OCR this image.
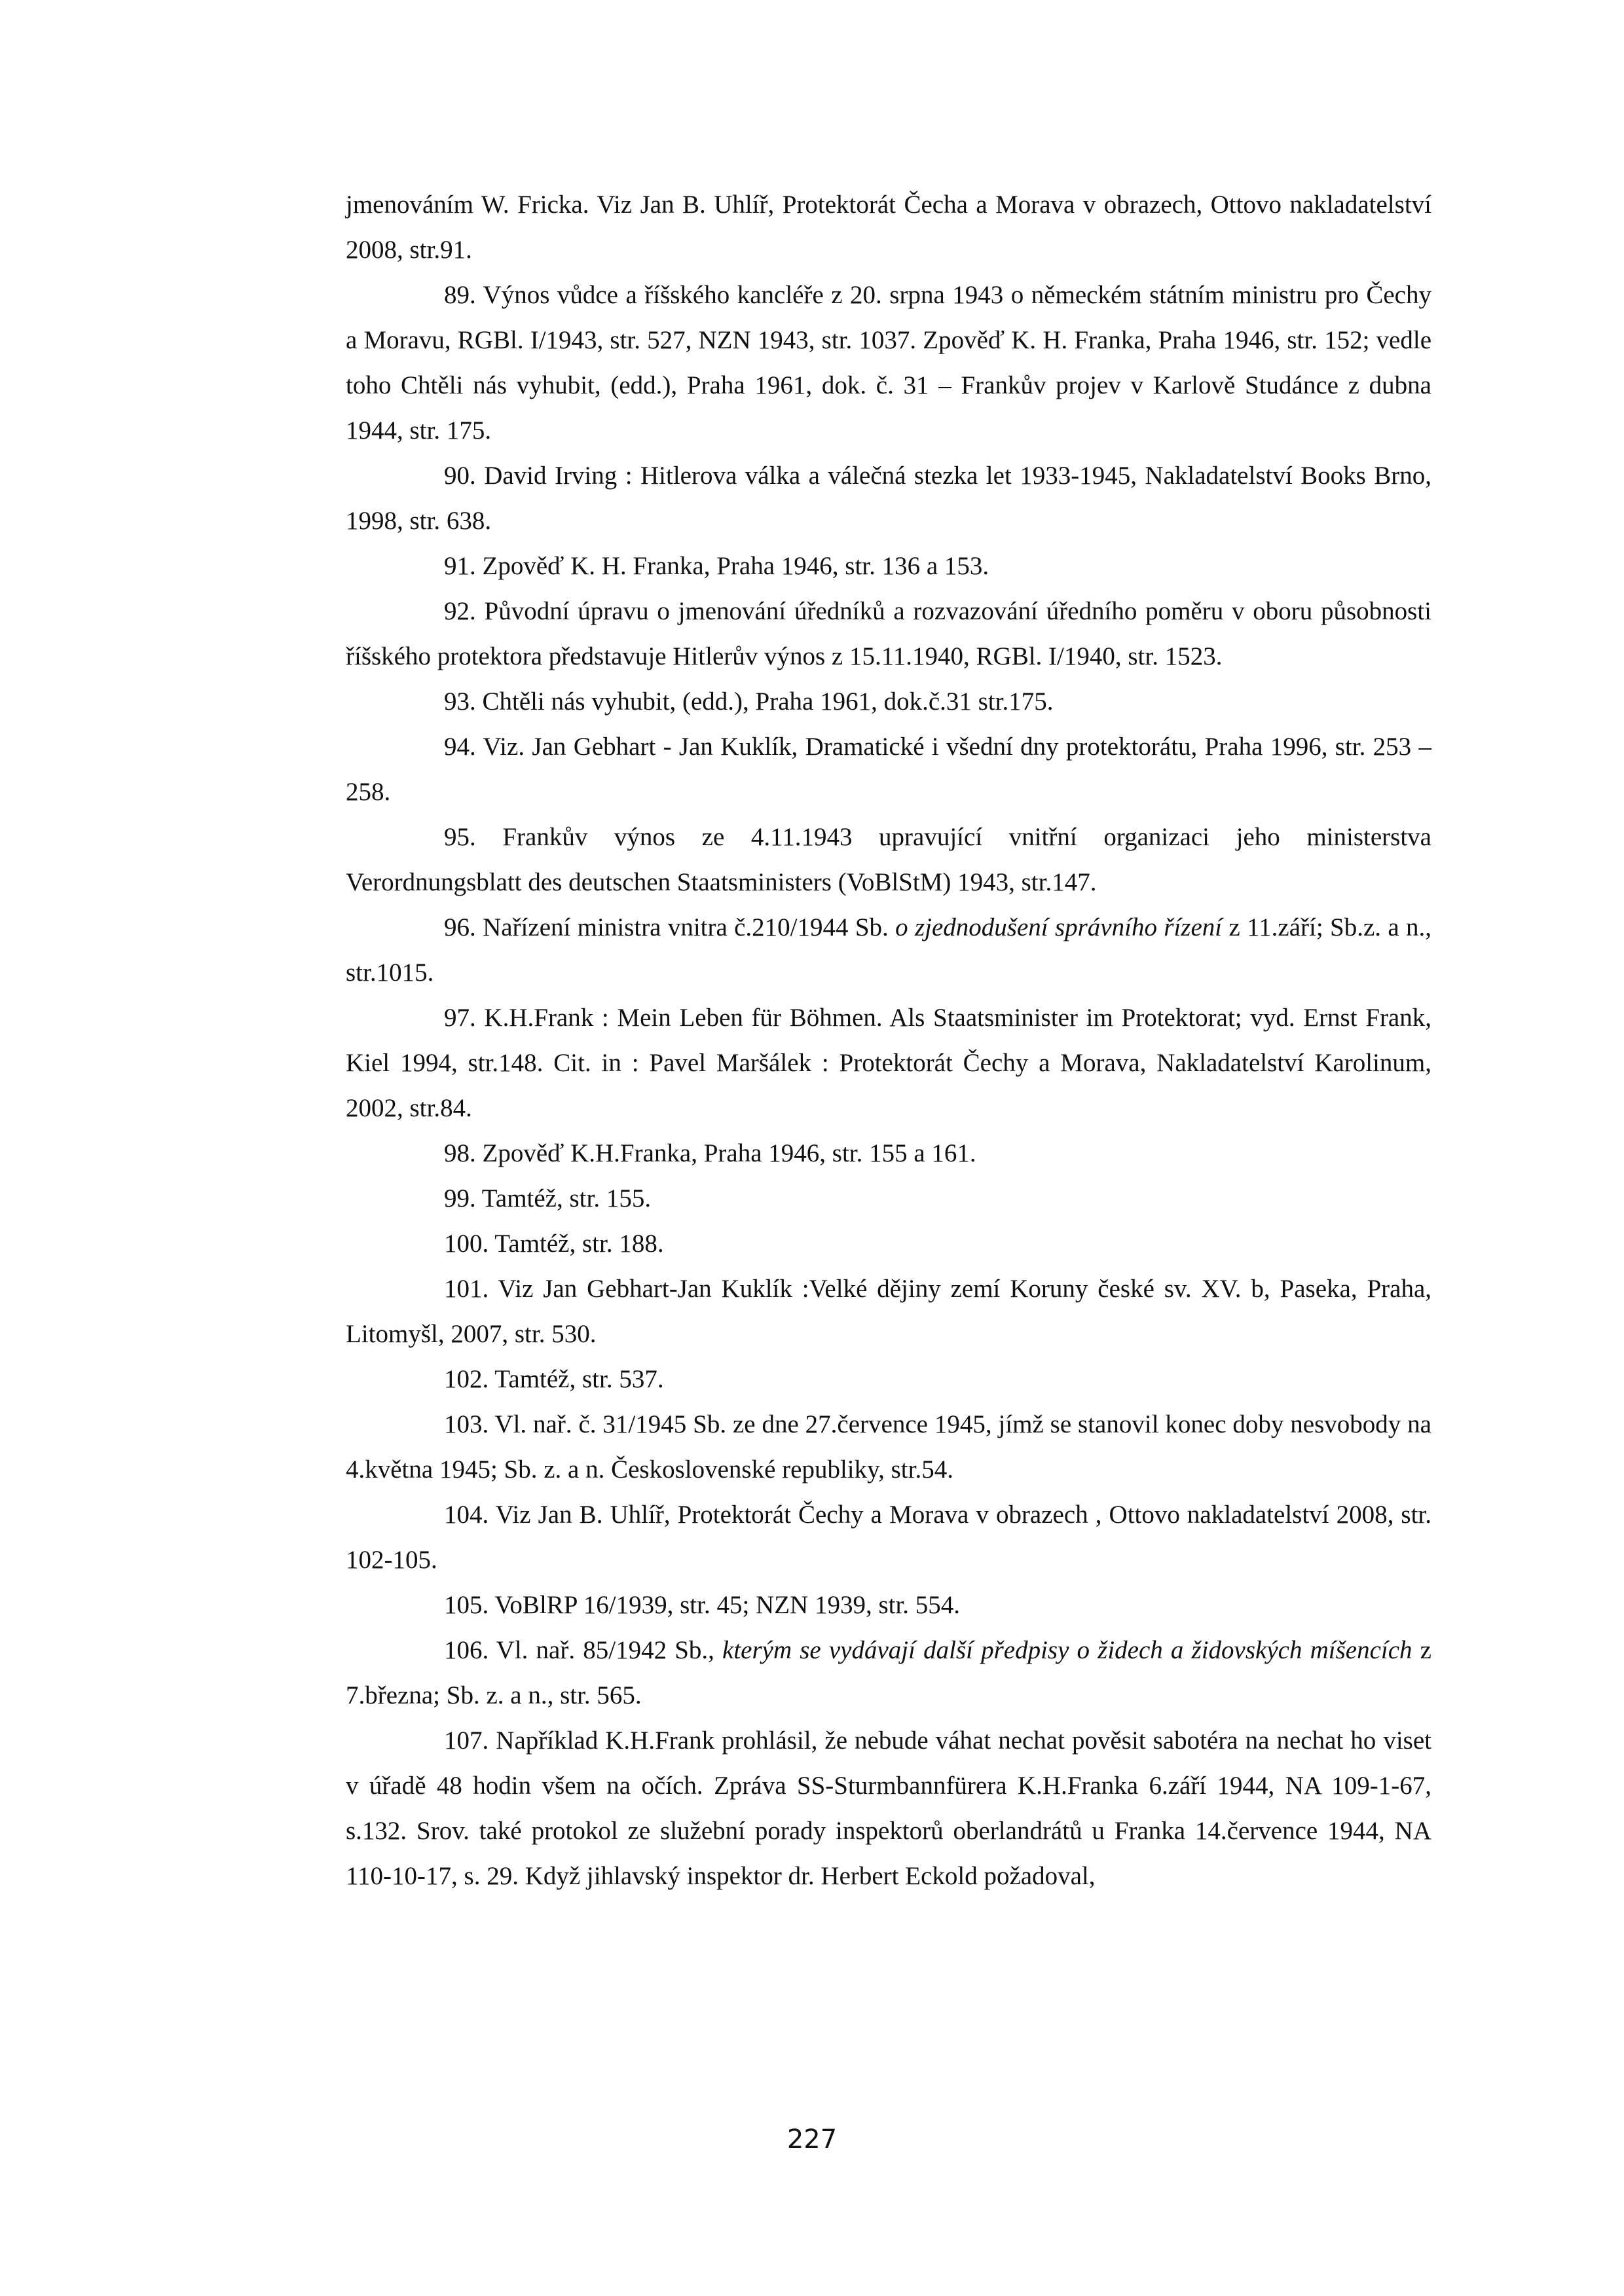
jmenováním W. Fricka. Viz Jan B. Uhlíř, Protektorát Čecha a Morava v obrazech, Ottovo nakladatelství 2008, str.91.

89. Výnos vůdce a říšského kancléře z 20. srpna 1943 o německém státním ministru pro Čechy a Moravu, RGBl. I/1943, str. 527, NZN 1943, str. 1037. Zpověď K. H. Franka, Praha 1946, str. 152; vedle toho Chtěli nás vyhubit, (edd.), Praha 1961, dok. č. 31 – Frankův projev v Karlově Studánce z dubna 1944, str. 175.

90. David Irving : Hitlerova válka a válečná stezka let 1933-1945, Nakladatelství Books Brno, 1998, str. 638.

91. Zpověď K. H. Franka, Praha 1946, str. 136 a 153.

92. Původní úpravu o jmenování úředníků a rozvazování úředního poměru v oboru působnosti říšského protektora představuje Hitlerův výnos z 15.11.1940, RGBl. I/1940, str. 1523.

93. Chtěli nás vyhubit, (edd.), Praha 1961, dok.č.31 str.175.

94. Viz. Jan Gebhart - Jan Kuklík, Dramatické i všední dny protektorátu, Praha 1996, str. 253 – 258.

95. Frankův výnos ze 4.11.1943 upravující vnitřní organizaci jeho ministerstva Verordnungsblatt des deutschen Staatsministers (VoBlStM) 1943, str.147.

96. Nařízení ministra vnitra č.210/1944 Sb. o zjednodušení správního řízení z 11.září; Sb.z. a n., str.1015.

97. K.H.Frank : Mein Leben für Böhmen. Als Staatsminister im Protektorat; vyd. Ernst Frank, Kiel 1994, str.148. Cit. in : Pavel Maršálek : Protektorát Čechy a Morava, Nakladatelství Karolinum, 2002, str.84.

98. Zpověď K.H.Franka, Praha 1946, str. 155 a 161.

99. Tamtéž, str. 155.

100. Tamtéž, str. 188.

101. Viz Jan Gebhart-Jan Kuklík :Velké dějiny zemí Koruny české sv. XV. b, Paseka, Praha, Litomyšl, 2007, str. 530.

102. Tamtéž, str. 537.

103. Vl. nař. č. 31/1945 Sb. ze dne 27.července 1945, jímž se stanovil konec doby nesvobody na 4.května 1945; Sb. z. a n. Československé republiky, str.54.

104. Viz Jan B. Uhlíř, Protektorát Čechy a Morava v obrazech , Ottovo nakladatelství 2008, str. 102-105.

105. VoBlRP 16/1939, str. 45; NZN 1939, str. 554.

106. Vl. nař. 85/1942 Sb., kterým se vydávají další předpisy o židech a židovských míšencích z 7.března; Sb. z. a n., str. 565.

107. Například K.H.Frank prohlásil, že nebude váhat nechat pověsit sabotéra na nechat ho viset v úřadě 48 hodin všem na očích. Zpráva SS-Sturmbannfürera K.H.Franka 6.září 1944, NA 109-1-67, s.132. Srov. také protokol ze služební porady inspektorů oberlandrátů u Franka 14.července 1944, NA 110-10-17, s. 29. Když jihlavský inspektor dr. Herbert Eckold požadoval,

227
